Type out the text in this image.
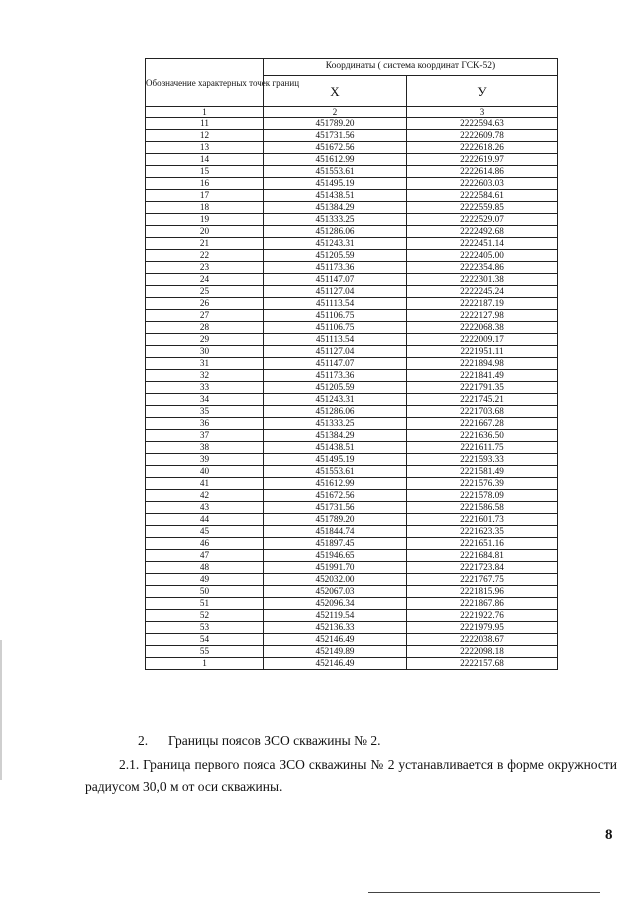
Обозначение характерных точек границ	Координаты ( система координат ГСК-52)	
	X	У
1	2	3
11	451789.20	2222594.63
12	451731.56	2222609.78
13	451672.56	2222618.26
14	451612.99	2222619.97
15	451553.61	2222614.86
16	451495.19	2222603.03
17	451438.51	2222584.61
18	451384.29	2222559.85
19	451333.25	2222529.07
20	451286.06	2222492.68
21	451243.31	2222451.14
22	451205.59	2222405.00
23	451173.36	2222354.86
24	451147.07	2222301.38
25	451127.04	2222245.24
26	451113.54	2222187.19
27	451106.75	2222127.98
28	451106.75	2222068.38
29	451113.54	2222009.17
30	451127.04	2221951.11
31	451147.07	2221894.98
32	451173.36	2221841.49
33	451205.59	2221791.35
34	451243.31	2221745.21
35	451286.06	2221703.68
36	451333.25	2221667.28
37	451384.29	2221636.50
38	451438.51	2221611.75
39	451495.19	2221593.33
40	451553.61	2221581.49
41	451612.99	2221576.39
42	451672.56	2221578.09
43	451731.56	2221586.58
44	451789.20	2221601.73
45	451844.74	2221623.35
46	451897.45	2221651.16
47	451946.65	2221684.81
48	451991.70	2221723.84
49	452032.00	2221767.75
50	452067.03	2221815.96
51	452096.34	2221867.86
52	452119.54	2221922.76
53	452136.33	2221979.95
54	452146.49	2222038.67
55	452149.89	2222098.18
1	452146.49	2222157.68
2. Границы поясов ЗСО скважины № 2.
2.1. Граница первого пояса ЗСО скважины № 2 устанавливается в форме окружности радиусом 30,0 м от оси скважины.
8
